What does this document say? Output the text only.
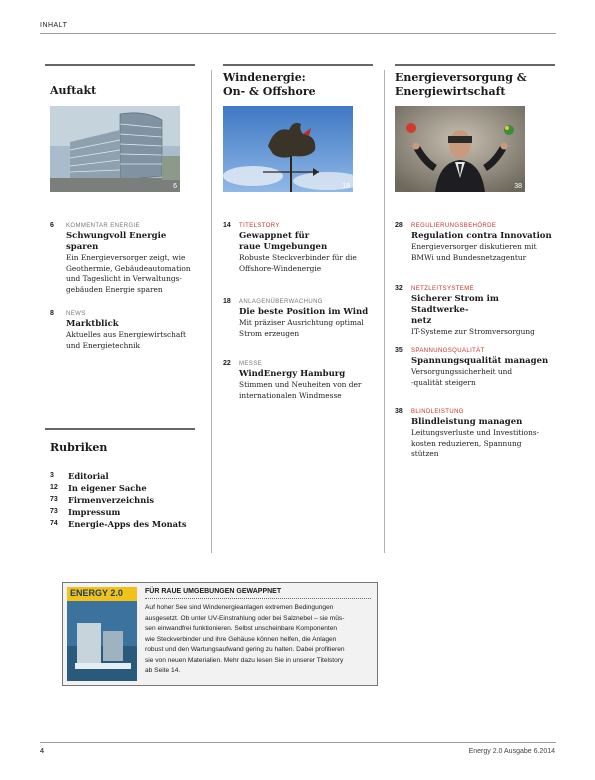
INHALT
Auftakt
6
6 KOMMENTAR ENERGIE
Schwungvoll Energie sparen
Ein Energieversorger zeigt, wie
Geothermie, Gebäudeautomation
und Tageslicht in Verwaltungs-
gebäuden Energie sparen
8 NEWS
Marktblick
Aktuelles aus Energiewirtschaft
und Energietechnik
Rubriken
3	Editorial
12	In eigener Sache
73	Firmenverzeichnis
73	Impressum
74	Energie-Apps des Monats
Windenergie:
On- & Offshore
18
14 TITELSTORY
Gewappnet für
raue Umgebungen
Robuste Steckverbinder für die
Offshore-Windenergie
18 ANLAGENÜBERWACHUNG
Die beste Position im Wind
Mit präziser Ausrichtung optimal
Strom erzeugen
22 MESSE
WindEnergy Hamburg
Stimmen und Neuheiten von der
internationalen Windmesse
Energieversorgung &
Energiewirtschaft
38
28 REGULIERUNGSBEHÖRDE
Regulation contra Innovation
Energieversorger diskutieren mit
BMWi und Bundesnetzagentur
32 NETZLEITSYSTEME
Sicherer Strom im Stadtwerke-
netz
IT-Systeme zur Stromversorgung
35 SPANNUNGSQUALITÄT
Spannungsqualität managen
Versorgungssicherheit und
-qualität steigern
38 BLINDLEISTUNG
Blindleistung managen
Leitungsverluste und Investitions-
kosten reduzieren, Spannung
stützen
ENERGY 2.0	FÜR RAUE UMGEBUNGEN GEWAPPNET
Auf hoher See sind Windenergieanlagen extremen Bedingungen
ausgesetzt. Ob unter UV-Einstrahlung oder bei Salznebel – sie müs-
sen einwandfrei funktionieren. Selbst unscheinbare Komponenten
wie Steckverbinder und ihre Gehäuse können helfen, die Anlagen
robust und den Wartungsaufwand gering zu halten. Dabei profitieren
sie von neuen Materialien. Mehr dazu lesen Sie in unserer Titelstory
ab Seite 14.
4	Energy 2.0 Ausgabe 6.2014
